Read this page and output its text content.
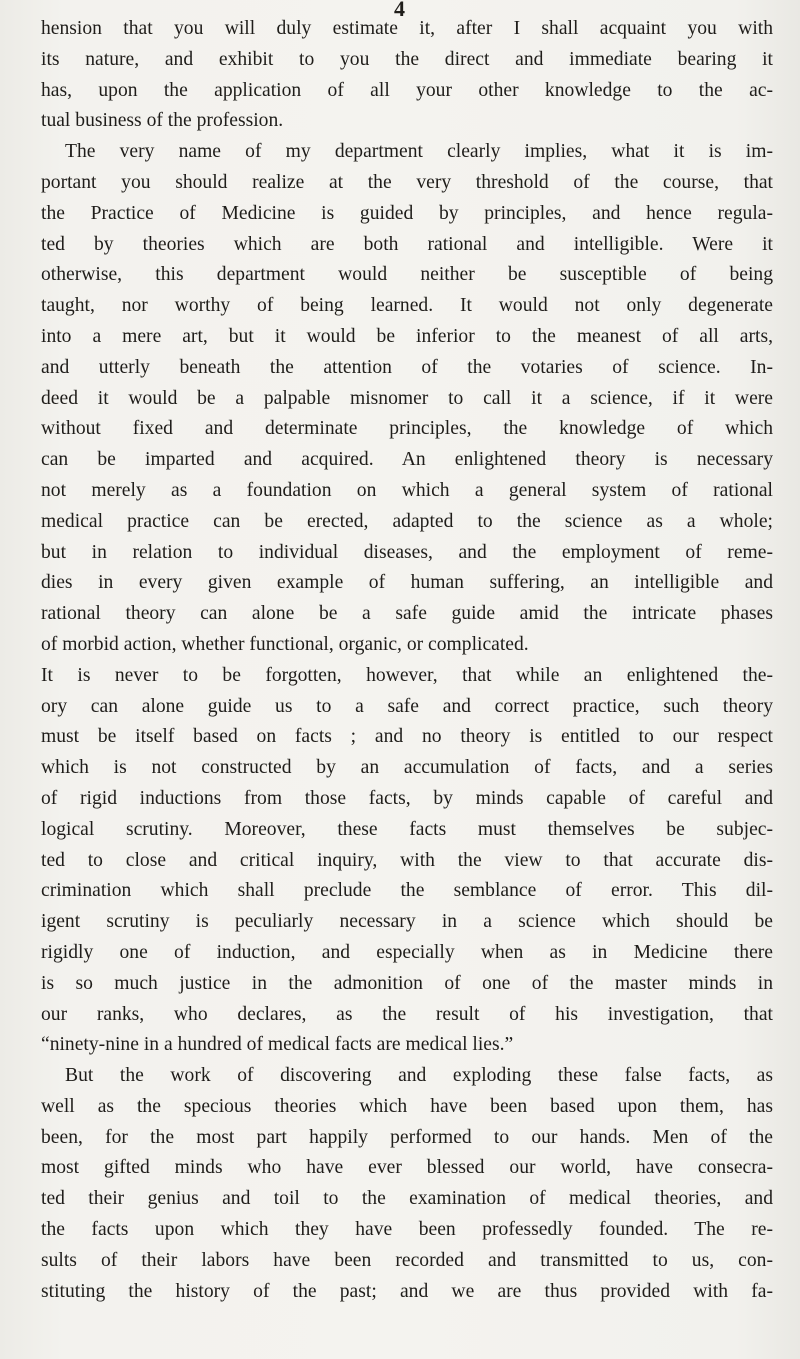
4

hension that you will duly estimate it, after I shall acquaint you with
its nature, and exhibit to you the direct and immediate bearing it
has, upon the application of all your other knowledge to the ac-
tual business of the profession.
The very name of my department clearly implies, what it is im-
portant you should realize at the very threshold of the course, that
the Practice of Medicine is guided by principles, and hence regula-
ted by theories which are both rational and intelligible. Were it
otherwise, this department would neither be susceptible of being
taught, nor worthy of being learned. It would not only degenerate
into a mere art, but it would be inferior to the meanest of all arts,
and utterly beneath the attention of the votaries of science. In-
deed it would be a palpable misnomer to call it a science, if it were
without fixed and determinate principles, the knowledge of which
can be imparted and acquired. An enlightened theory is necessary
not merely as a foundation on which a general system of rational
medical practice can be erected, adapted to the science as a whole;
but in relation to individual diseases, and the employment of reme-
dies in every given example of human suffering, an intelligible and
rational theory can alone be a safe guide amid the intricate phases
of morbid action, whether functional, organic, or complicated.
It is never to be forgotten, however, that while an enlightened the-
ory can alone guide us to a safe and correct practice, such theory
must be itself based on facts ; and no theory is entitled to our respect
which is not constructed by an accumulation of facts, and a series
of rigid inductions from those facts, by minds capable of careful and
logical scrutiny. Moreover, these facts must themselves be subjec-
ted to close and critical inquiry, with the view to that accurate dis-
crimination which shall preclude the semblance of error. This dil-
igent scrutiny is peculiarly necessary in a science which should be
rigidly one of induction, and especially when as in Medicine there
is so much justice in the admonition of one of the master minds in
our ranks, who declares, as the result of his investigation, that
“ninety-nine in a hundred of medical facts are medical lies.”
But the work of discovering and exploding these false facts, as
well as the specious theories which have been based upon them, has
been, for the most part happily performed to our hands. Men of the
most gifted minds who have ever blessed our world, have consecra-
ted their genius and toil to the examination of medical theories, and
the facts upon which they have been professedly founded. The re-
sults of their labors have been recorded and transmitted to us, con-
stituting the history of the past; and we are thus provided with fa-
